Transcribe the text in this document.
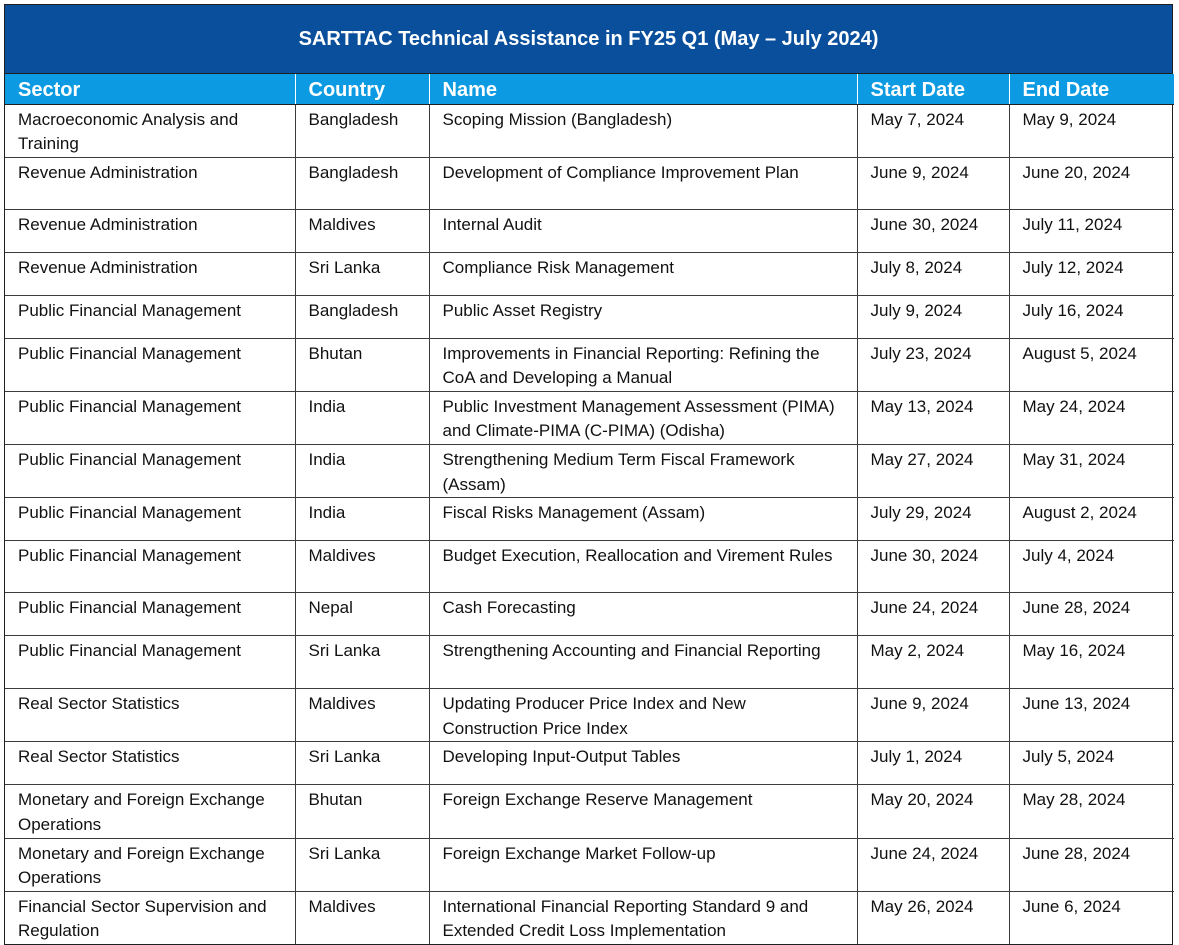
SARTTAC Technical Assistance in FY25 Q1 (May – July 2024)
Sector	Country	Name	Start Date	End Date
Macroeconomic Analysis and Training	Bangladesh	Scoping Mission (Bangladesh)	May 7, 2024	May 9, 2024
Revenue Administration	Bangladesh	Development of Compliance Improvement Plan	June 9, 2024	June 20, 2024
Revenue Administration	Maldives	Internal Audit	June 30, 2024	July 11, 2024
Revenue Administration	Sri Lanka	Compliance Risk Management	July 8, 2024	July 12, 2024
Public Financial Management	Bangladesh	Public Asset Registry	July 9, 2024	July 16, 2024
Public Financial Management	Bhutan	Improvements in Financial Reporting: Refining the CoA and Developing a Manual	July 23, 2024	August 5, 2024
Public Financial Management	India	Public Investment Management Assessment (PIMA) and Climate-PIMA (C-PIMA) (Odisha)	May 13, 2024	May 24, 2024
Public Financial Management	India	Strengthening Medium Term Fiscal Framework (Assam)	May 27, 2024	May 31, 2024
Public Financial Management	India	Fiscal Risks Management (Assam)	July 29, 2024	August 2, 2024
Public Financial Management	Maldives	Budget Execution, Reallocation and Virement Rules	June 30, 2024	July 4, 2024
Public Financial Management	Nepal	Cash Forecasting	June 24, 2024	June 28, 2024
Public Financial Management	Sri Lanka	Strengthening Accounting and Financial Reporting	May 2, 2024	May 16, 2024
Real Sector Statistics	Maldives	Updating Producer Price Index and New Construction Price Index	June 9, 2024	June 13, 2024
Real Sector Statistics	Sri Lanka	Developing Input-Output Tables	July 1, 2024	July 5, 2024
Monetary and Foreign Exchange Operations	Bhutan	Foreign Exchange Reserve Management	May 20, 2024	May 28, 2024
Monetary and Foreign Exchange Operations	Sri Lanka	Foreign Exchange Market Follow-up	June 24, 2024	June 28, 2024
Financial Sector Supervision and Regulation	Maldives	International Financial Reporting Standard 9 and Extended Credit Loss Implementation	May 26, 2024	June 6, 2024
